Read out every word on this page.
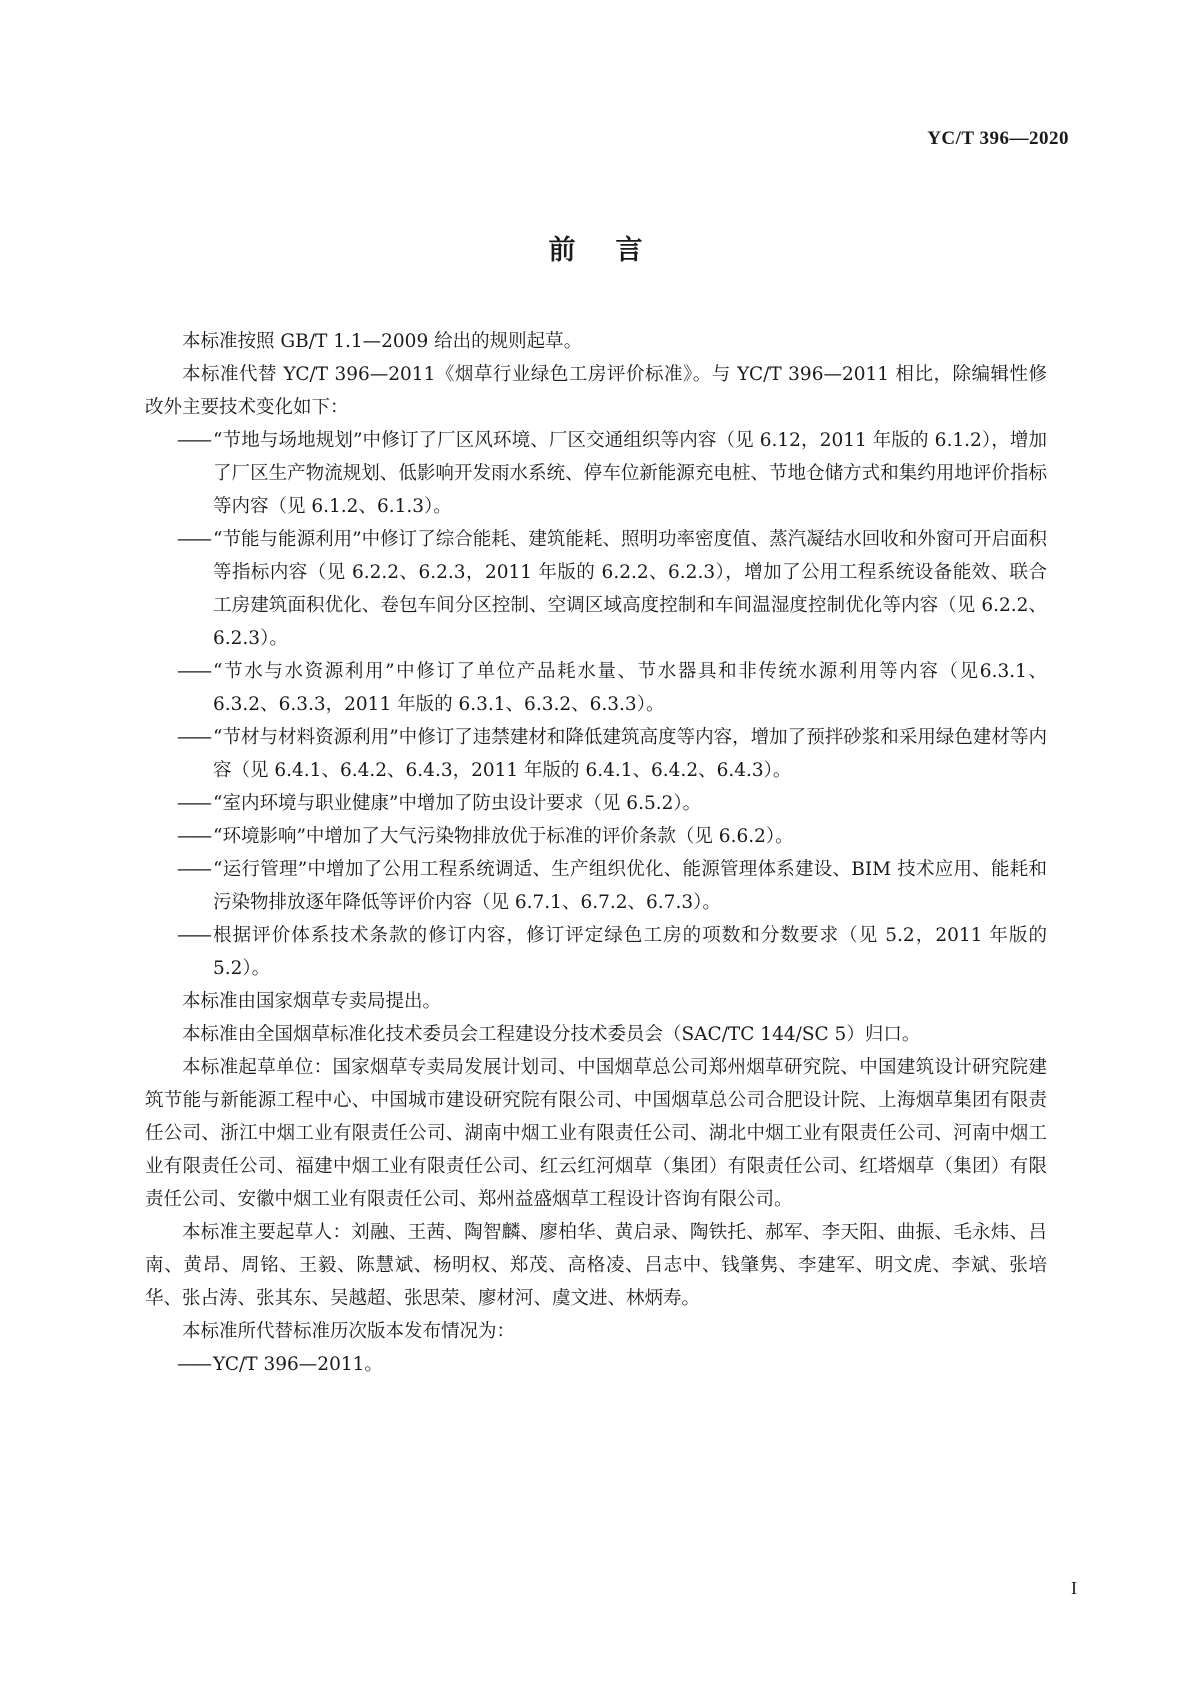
YC/T 396—2020
前言

本标准按照 GB/T 1.1—2009 给出的规则起草。

本标准代替 YC/T 396—2011《烟草行业绿色工房评价标准》。与 YC/T 396—2011 相比，除编辑性修改外主要技术变化如下：

—— “节地与场地规划”中修订了厂区风环境、厂区交通组织等内容（见 6.12，2011 年版的 6.1.2），增加了厂区生产物流规划、低影响开发雨水系统、停车位新能源充电桩、节地仓储方式和集约用地评价指标等内容（见 6.1.2、6.1.3）。
—— “节能与能源利用”中修订了综合能耗、建筑能耗、照明功率密度值、蒸汽凝结水回收和外窗可开启面积等指标内容（见 6.2.2、6.2.3，2011 年版的 6.2.2、6.2.3），增加了公用工程系统设备能效、联合工房建筑面积优化、卷包车间分区控制、空调区域高度控制和车间温湿度控制优化等内容（见 6.2.2、6.2.3）。
—— “节水与水资源利用”中修订了单位产品耗水量、节水器具和非传统水源利用等内容（见6.3.1、6.3.2、6.3.3，2011 年版的 6.3.1、6.3.2、6.3.3）。
—— “节材与材料资源利用”中修订了违禁建材和降低建筑高度等内容，增加了预拌砂浆和采用绿色建材等内容（见 6.4.1、6.4.2、6.4.3，2011 年版的 6.4.1、6.4.2、6.4.3）。
—— “室内环境与职业健康”中增加了防虫设计要求（见 6.5.2）。
—— “环境影响”中增加了大气污染物排放优于标准的评价条款（见 6.6.2）。
—— “运行管理”中增加了公用工程系统调适、生产组织优化、能源管理体系建设、BIM 技术应用、能耗和污染物排放逐年降低等评价内容（见 6.7.1、6.7.2、6.7.3）。
—— 根据评价体系技术条款的修订内容，修订评定绿色工房的项数和分数要求（见 5.2，2011 年版的 5.2）。

本标准由国家烟草专卖局提出。

本标准由全国烟草标准化技术委员会工程建设分技术委员会（SAC/TC 144/SC 5）归口。

本标准起草单位：国家烟草专卖局发展计划司、中国烟草总公司郑州烟草研究院、中国建筑设计研究院建筑节能与新能源工程中心、中国城市建设研究院有限公司、中国烟草总公司合肥设计院、上海烟草集团有限责任公司、浙江中烟工业有限责任公司、湖南中烟工业有限责任公司、湖北中烟工业有限责任公司、河南中烟工业有限责任公司、福建中烟工业有限责任公司、红云红河烟草（集团）有限责任公司、红塔烟草（集团）有限责任公司、安徽中烟工业有限责任公司、郑州益盛烟草工程设计咨询有限公司。

本标准主要起草人：刘融、王茜、陶智麟、廖柏华、黄启录、陶铁托、郝军、李天阳、曲振、毛永炜、吕南、黄昂、周铭、王毅、陈慧斌、杨明权、郑茂、高格凌、吕志中、钱肇隽、李建军、明文虎、李斌、张培华、张占涛、张其东、吴越超、张思荣、廖材河、虞文进、林炳寿。

本标准所代替标准历次版本发布情况为：

—— YC/T 396—2011。
I
